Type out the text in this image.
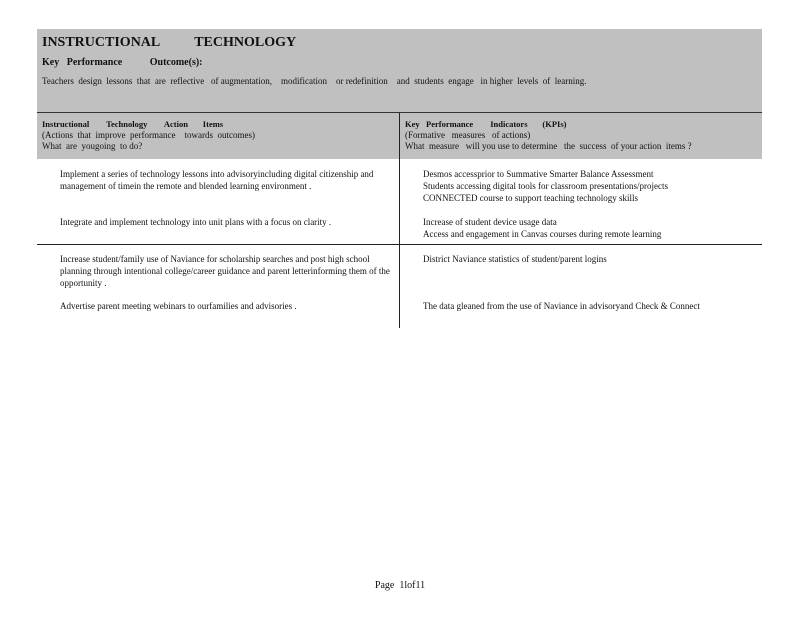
INSTRUCTIONAL          TECHNOLOGY
Key   Performance           Outcome(s):
Teachers  design  lessons  that  are  reflective   of augmentation,    modification    or redefinition    and  students  engage   in higher  levels  of  learning.
Instructional        Technology        Action       Items
(Actions  that  improve  performance    towards  outcomes)
What  are  yougoing  to do?
Key   Performance        Indicators       (KPIs)
(Formative   measures   of actions)
What  measure   will you use to determine   the  success  of your action  items ?
Implement a series of technology lessons into advisoryincluding digital citizenship and management of timein the remote and blended learning environment .
Integrate and implement technology into unit plans with a focus on clarity .
Desmos accessprior to Summative Smarter Balance Assessment
Students accessing digital tools for classroom presentations/projects
CONNECTED course to support teaching technology skills
Increase of student device usage data
Access and engagement in Canvas courses during remote learning
Increase student/family use of Naviance for scholarship searches and post high school planning through intentional college/career guidance and parent letterinforming them of the opportunity .
Advertise parent meeting webinars to ourfamilies and advisories .
District Naviance statistics of student/parent logins
The data gleaned from the use of Naviance in advisoryand Check & Connect
Page  1lof11
